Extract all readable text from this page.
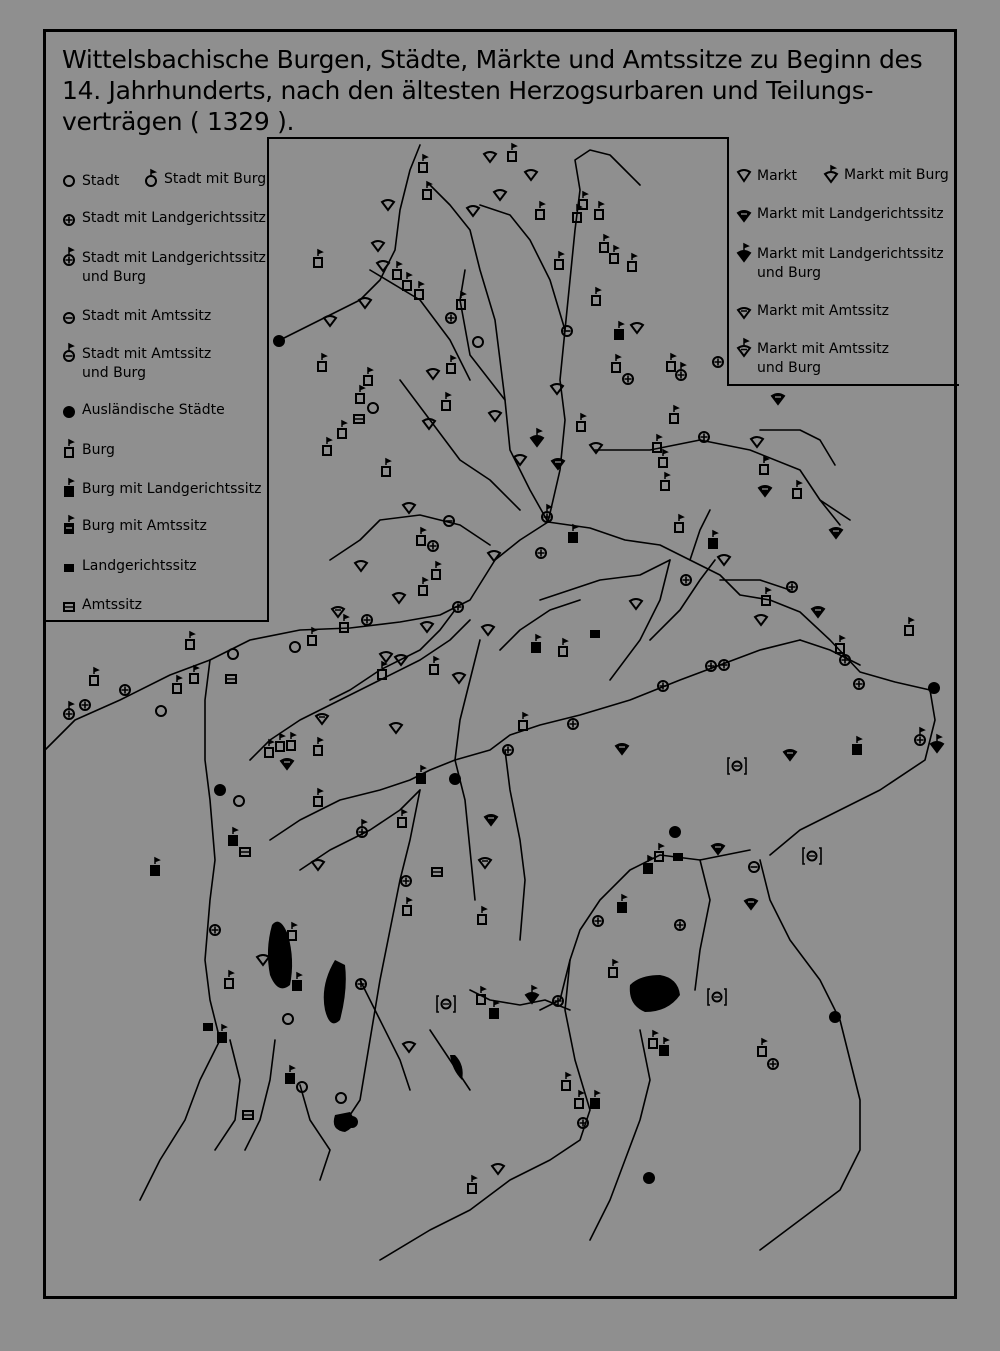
Wittelsbachische Burgen, Städte, Märkte und Amtssitze zu Beginn des 14. Jahrhunderts, nach den ältesten Herzogsurbaren und Teilungs-
verträgen ( 1329 ).
Stadt	Stadt mit Burg
Stadt mit Landgerichtssitz
Stadt mit Landgerichtssitz
und Burg
Stadt mit Amtssitz
Stadt mit Amtssitz
und Burg
Ausländische Städte
Burg
Burg mit Landgerichtssitz
Burg mit Amtssitz
Landgerichtssitz
Amtssitz
Markt	Markt mit Burg
Markt mit Landgerichtssitz
Markt mit Landgerichtssitz
und Burg
Markt mit Amtssitz
Markt mit Amtssitz
und Burg
